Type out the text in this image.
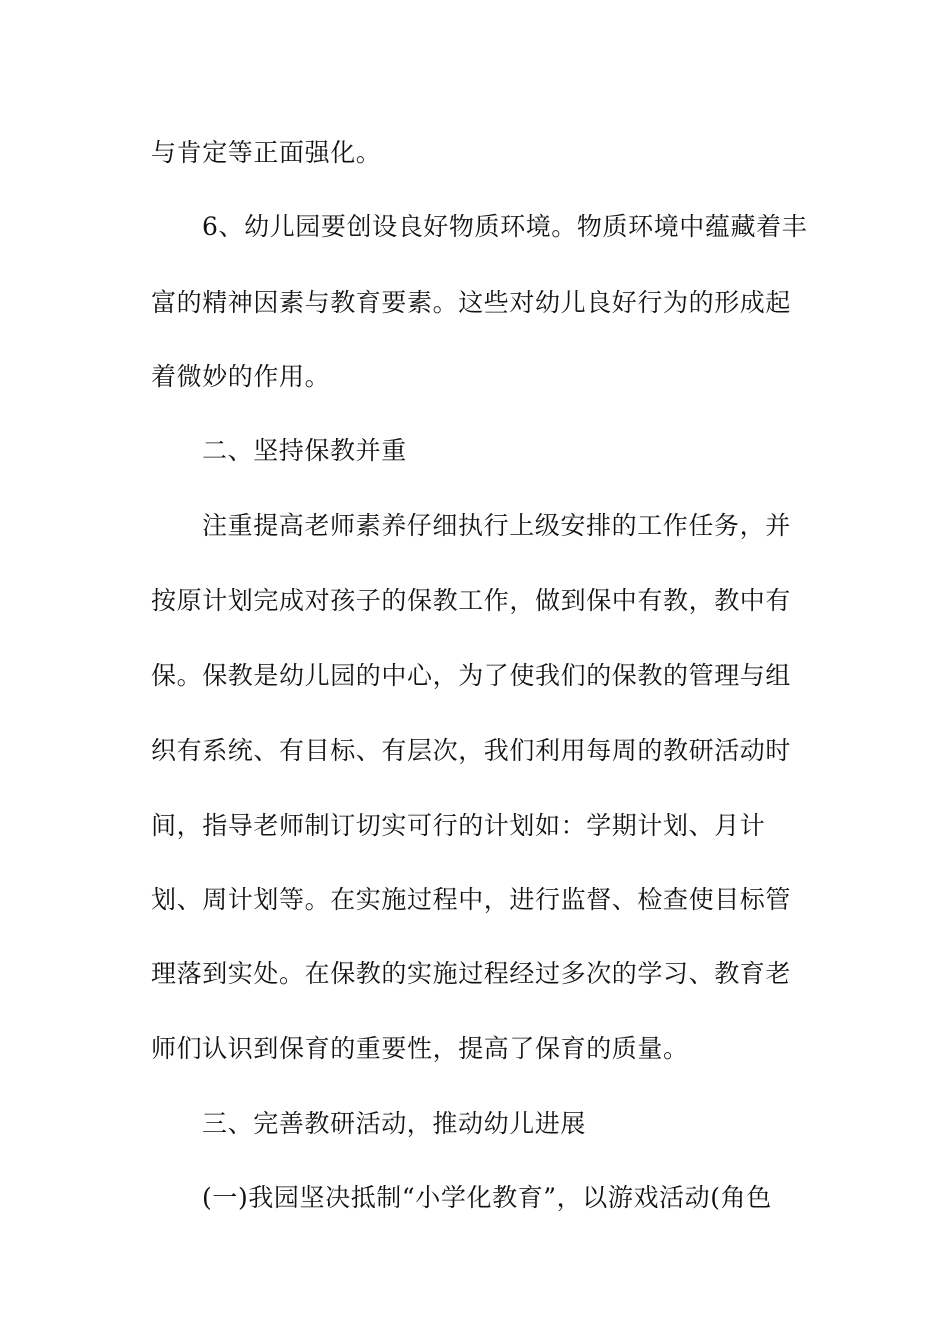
与肯定等正面强化。
6、幼儿园要创设良好物质环境。物质环境中蕴藏着丰
富的精神因素与教育要素。这些对幼儿良好行为的形成起
着微妙的作用。
二、坚持保教并重
注重提高老师素养仔细执行上级安排的工作任务，并
按原计划完成对孩子的保教工作，做到保中有教，教中有
保。保教是幼儿园的中心，为了使我们的保教的管理与组
织有系统、有目标、有层次，我们利用每周的教研活动时
间，指导老师制订切实可行的计划如：学期计划、月计
划、周计划等。在实施过程中，进行监督、检查使目标管
理落到实处。在保教的实施过程经过多次的学习、教育老
师们认识到保育的重要性，提高了保育的质量。
三、完善教研活动，推动幼儿进展
(一)我园坚决抵制“小学化教育”，以游戏活动(角色
